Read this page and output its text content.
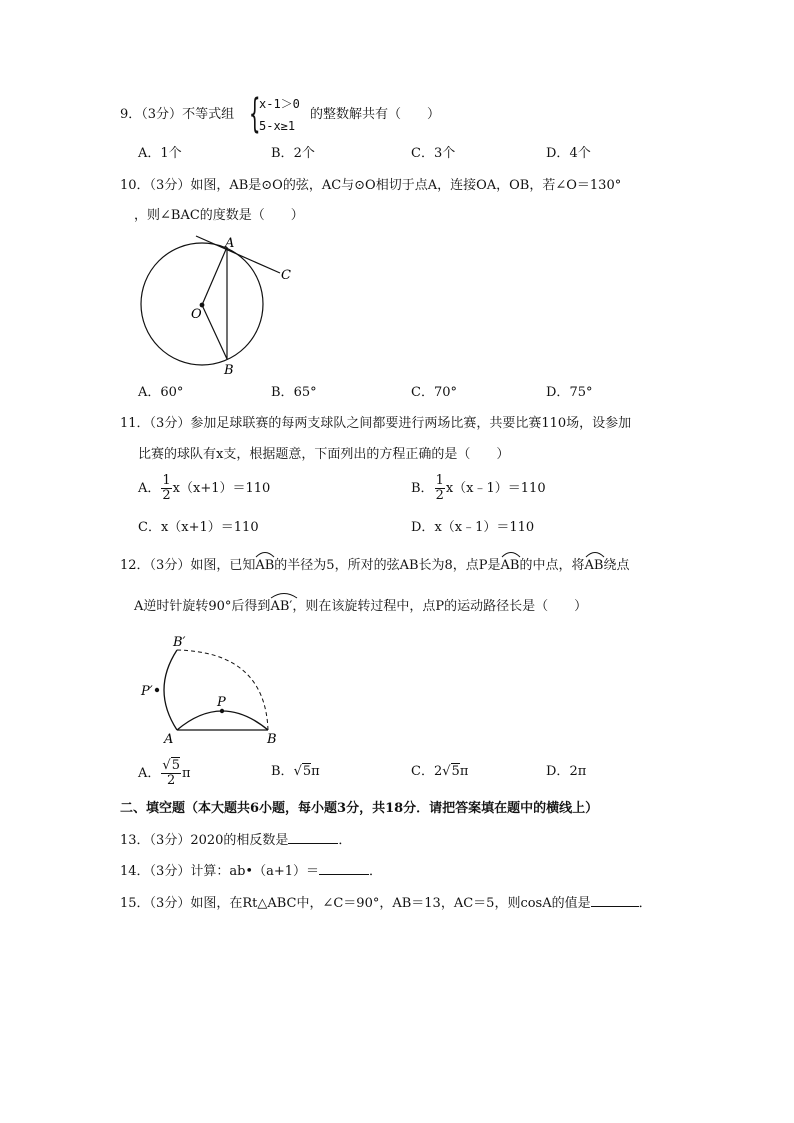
9．（3分）不等式组 {
x-1＞0
5-x≥1
的整数解共有（　　）
A．1个	B．2个	C．3个	D．4个
10．（3分）如图，AB是⊙O的弦，AC与⊙O相切于点A，连接OA，OB，若∠O＝130°
，则∠BAC的度数是（　　）
A
C
O
B
A．60°	B．65°	C．70°	D．75°
11．（3分）参加足球联赛的每两支球队之间都要进行两场比赛，共要比赛110场，设参加
比赛的球队有x支，根据题意，下面列出的方程正确的是（　　）
A． $\frac{1}{2} x(x+1)=110$	B． $\frac{1}{2}$ x（x﹣1）＝110
C．x（x+1）＝110	D．x（x﹣1）＝110
12．（3分）如图，已知
AB的半径为5，所对的弦AB长为8，点P是
AB的中点，将
AB绕点
A逆时针旋转90°后得到
AB′，则在该旋转过程中，点P的运动路径长是（　　）
B′
P′
P
A	B
A． $\frac{√5}{2}$ π	B．√5π	C．2√5π	D．2π
二、填空题（本大题共6小题，每小题3分，共18分．请把答案填在题中的横线上）
13．（3分）2020的相反数是	．
14．（3分）计算：ab•（a+1）＝	．
15．（3分）如图，在Rt△ABC中，∠C＝90°，AB＝13，AC＝5，则cosA的值是	．
